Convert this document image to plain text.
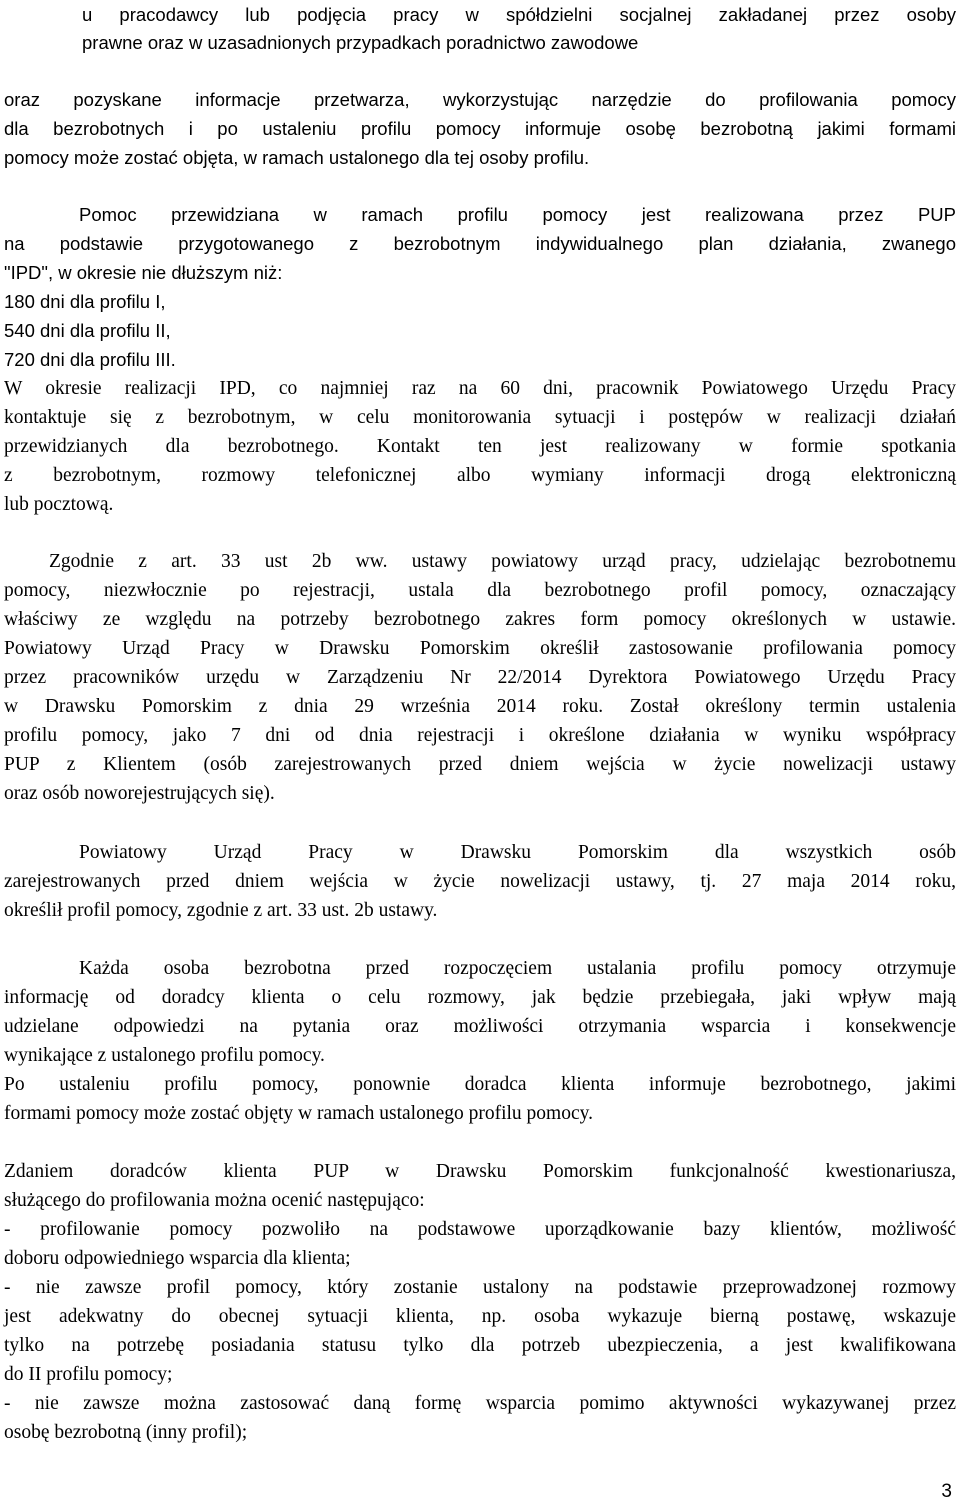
u pracodawcy lub podjęcia pracy w spółdzielni socjalnej zakładanej przez osoby
prawne oraz w uzasadnionych przypadkach poradnictwo zawodowe
oraz pozyskane informacje przetwarza, wykorzystując narzędzie do profilowania pomocy
dla bezrobotnych i po ustaleniu profilu pomocy informuje osobę bezrobotną jakimi formami
pomocy może zostać objęta, w ramach ustalonego dla tej osoby profilu.
Pomoc przewidziana w ramach profilu pomocy jest realizowana przez PUP
na podstawie przygotowanego z bezrobotnym indywidualnego plan działania, zwanego
"IPD", w okresie nie dłuższym niż:
180 dni dla profilu I,
540 dni dla profilu II,
720 dni dla profilu III.
W okresie realizacji IPD, co najmniej raz na 60 dni, pracownik Powiatowego Urzędu Pracy
kontaktuje się z bezrobotnym, w celu monitorowania sytuacji i postępów w realizacji działań
przewidzianych dla bezrobotnego. Kontakt ten jest realizowany w formie spotkania
z bezrobotnym, rozmowy telefonicznej albo wymiany informacji drogą elektroniczną
lub pocztową.
Zgodnie z art. 33 ust 2b ww. ustawy powiatowy urząd pracy, udzielając bezrobotnemu
pomocy, niezwłocznie po rejestracji, ustala dla bezrobotnego profil pomocy, oznaczający
właściwy ze względu na potrzeby bezrobotnego zakres form pomocy określonych w ustawie.
Powiatowy Urząd Pracy w Drawsku Pomorskim określił zastosowanie profilowania pomocy
przez pracowników urzędu w Zarządzeniu Nr 22/2014 Dyrektora Powiatowego Urzędu Pracy
w Drawsku Pomorskim z dnia 29 września 2014 roku. Został określony termin ustalenia
profilu pomocy, jako 7 dni od dnia rejestracji i określone działania w wyniku współpracy
PUP z Klientem (osób zarejestrowanych przed dniem wejścia w życie nowelizacji ustawy
oraz osób noworejestrujących się).
Powiatowy Urząd Pracy w Drawsku Pomorskim dla wszystkich osób
zarejestrowanych przed dniem wejścia w życie nowelizacji ustawy, tj. 27 maja 2014 roku,
określił profil pomocy, zgodnie z art. 33 ust. 2b ustawy.
Każda osoba bezrobotna przed rozpoczęciem ustalania profilu pomocy otrzymuje
informację od doradcy klienta o celu rozmowy, jak będzie przebiegała, jaki wpływ mają
udzielane odpowiedzi na pytania oraz możliwości otrzymania wsparcia i konsekwencje
wynikające z ustalonego profilu pomocy.
Po ustaleniu profilu pomocy, ponownie doradca klienta informuje bezrobotnego, jakimi
formami pomocy może zostać objęty w ramach ustalonego profilu pomocy.
Zdaniem doradców klienta PUP w Drawsku Pomorskim funkcjonalność kwestionariusza,
służącego do profilowania można ocenić następująco:
- profilowanie pomocy pozwoliło na podstawowe uporządkowanie bazy klientów, możliwość
doboru odpowiedniego wsparcia dla klienta;
- nie zawsze profil pomocy, który zostanie ustalony na podstawie przeprowadzonej rozmowy
jest adekwatny do obecnej sytuacji klienta, np. osoba wykazuje bierną postawę, wskazuje
tylko na potrzebę posiadania statusu tylko dla potrzeb ubezpieczenia, a jest kwalifikowana
do II profilu pomocy;
- nie zawsze można zastosować daną formę wsparcia pomimo aktywności wykazywanej przez
osobę bezrobotną (inny profil);
3
